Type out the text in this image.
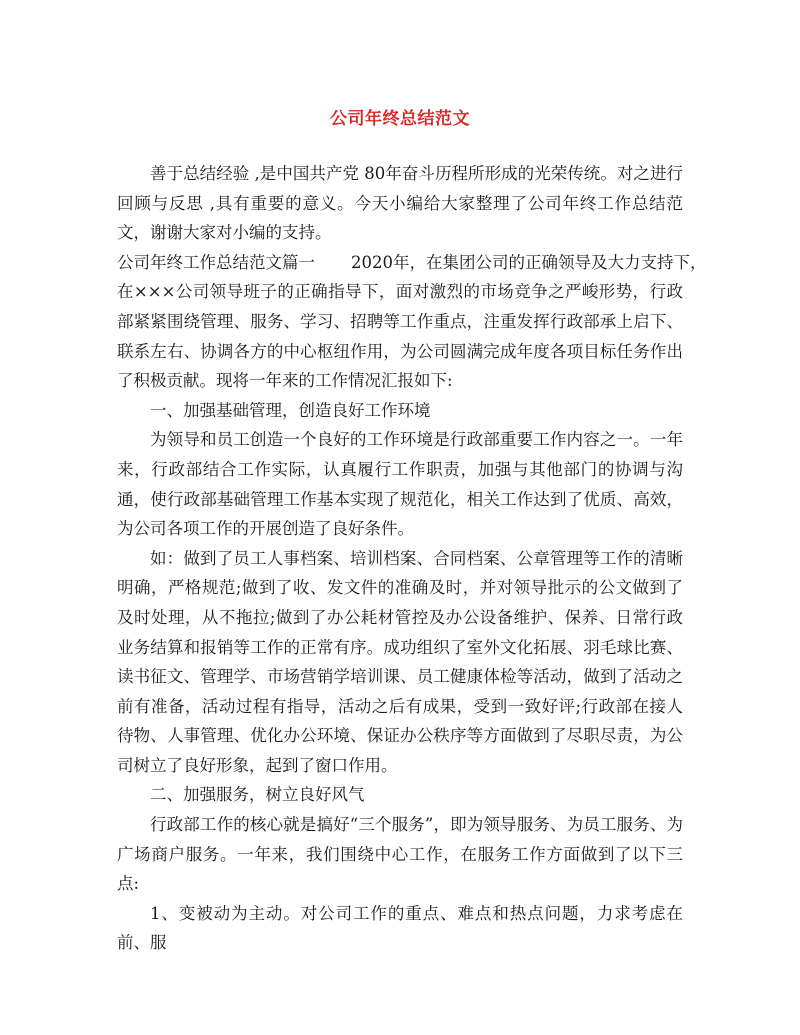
公司年终总结范文

善于总结经验 ,是中国共产党 80年奋斗历程所形成的光荣传统。对之进行回顾与反思 ,具有重要的意义。今天小编给大家整理了公司年终工作总结范文，谢谢大家对小编的支持。

公司年终工作总结范文篇一 2020年，在集团公司的正确领导及大力支持下，

在×××公司领导班子的正确指导下，面对激烈的市场竞争之严峻形势，行政部紧紧围绕管理、服务、学习、招聘等工作重点，注重发挥行政部承上启下、联系左右、协调各方的中心枢纽作用，为公司圆满完成年度各项目标任务作出了积极贡献。现将一年来的工作情况汇报如下:

一、加强基础管理，创造良好工作环境

为领导和员工创造一个良好的工作环境是行政部重要工作内容之一。一年来，行政部结合工作实际，认真履行工作职责，加强与其他部门的协调与沟通，使行政部基础管理工作基本实现了规范化，相关工作达到了优质、高效，为公司各项工作的开展创造了良好条件。

如：做到了员工人事档案、培训档案、合同档案、公章管理等工作的清晰明确，严格规范;做到了收、发文件的准确及时，并对领导批示的公文做到了及时处理，从不拖拉;做到了办公耗材管控及办公设备维护、保养、日常行政业务结算和报销等工作的正常有序。成功组织了室外文化拓展、羽毛球比赛、读书征文、管理学、市场营销学培训课、员工健康体检等活动，做到了活动之前有准备，活动过程有指导，活动之后有成果，受到一致好评;行政部在接人待物、人事管理、优化办公环境、保证办公秩序等方面做到了尽职尽责，为公司树立了良好形象，起到了窗口作用。

二、加强服务，树立良好风气

行政部工作的核心就是搞好“三个服务”，即为领导服务、为员工服务、为广场商户服务。一年来，我们围绕中心工作，在服务工作方面做到了以下三点:

1、变被动为主动。对公司工作的重点、难点和热点问题，力求考虑在前、服
